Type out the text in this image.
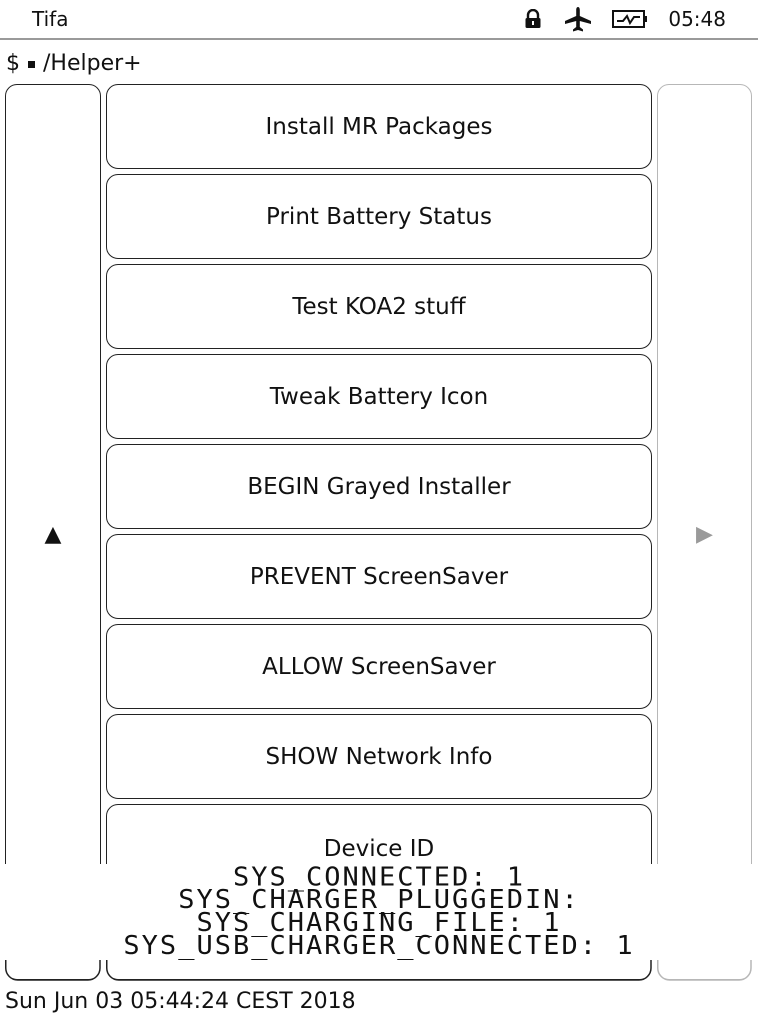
Tifa	05:48
$ /Helper+
▲	▶
Install MR Packages
Print Battery Status
Test KOA2 stuff
Tweak Battery Icon
BEGIN Grayed Installer
PREVENT ScreenSaver
ALLOW ScreenSaver
SHOW Network Info
Device ID
SYS_CONNECTED: 1
SYS_CHARGER_PLUGGEDIN:
SYS_CHARGING_FILE: 1
SYS_USB_CHARGER_CONNECTED: 1
Sun Jun 03 05:44:24 CEST 2018
